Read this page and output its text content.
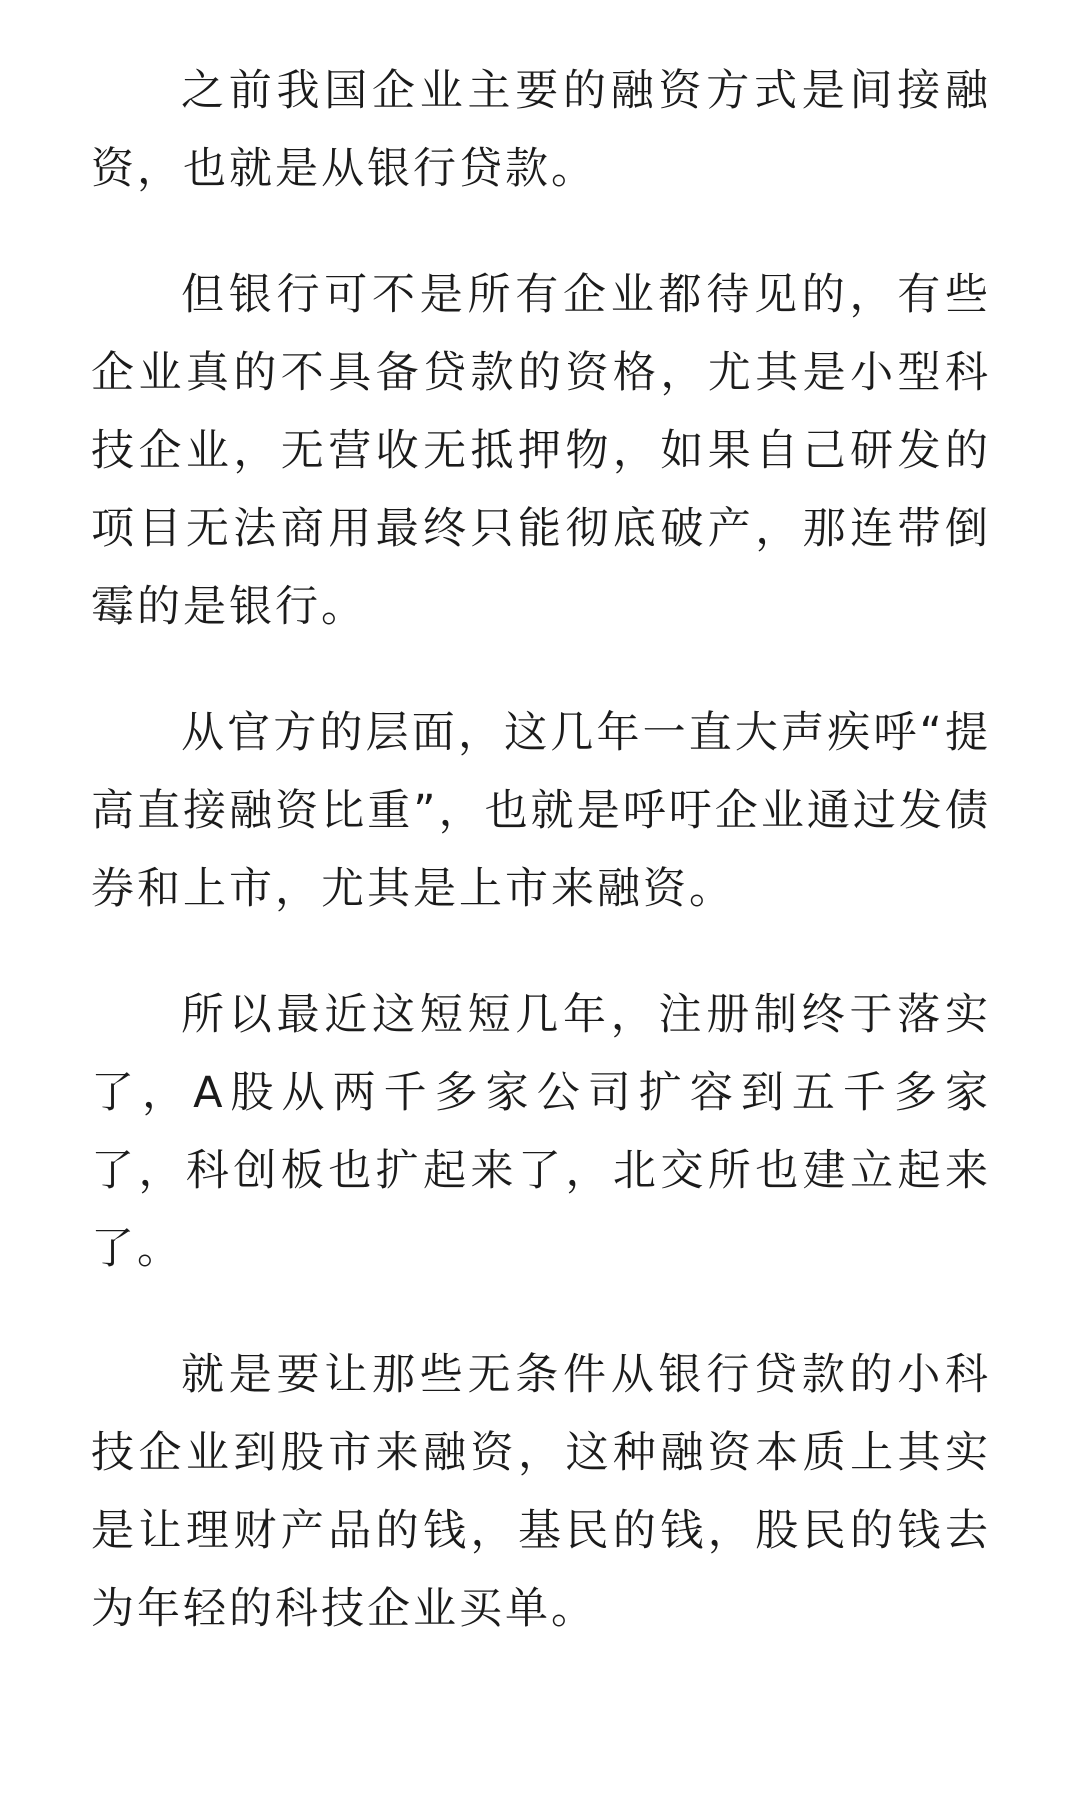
之前我国企业主要的融资方式是间接融资，也就是从银行贷款。

但银行可不是所有企业都待见的，有些企业真的不具备贷款的资格，尤其是小型科技企业，无营收无抵押物，如果自己研发的项目无法商用最终只能彻底破产，那连带倒霉的是银行。

从官方的层面，这几年一直大声疾呼“提高直接融资比重”，也就是呼吁企业通过发债券和上市，尤其是上市来融资。

所以最近这短短几年，注册制终于落实了，A股从两千多家公司扩容到五千多家了，科创板也扩起来了，北交所也建立起来了。

就是要让那些无条件从银行贷款的小科技企业到股市来融资，这种融资本质上其实是让理财产品的钱，基民的钱，股民的钱去为年轻的科技企业买单。
